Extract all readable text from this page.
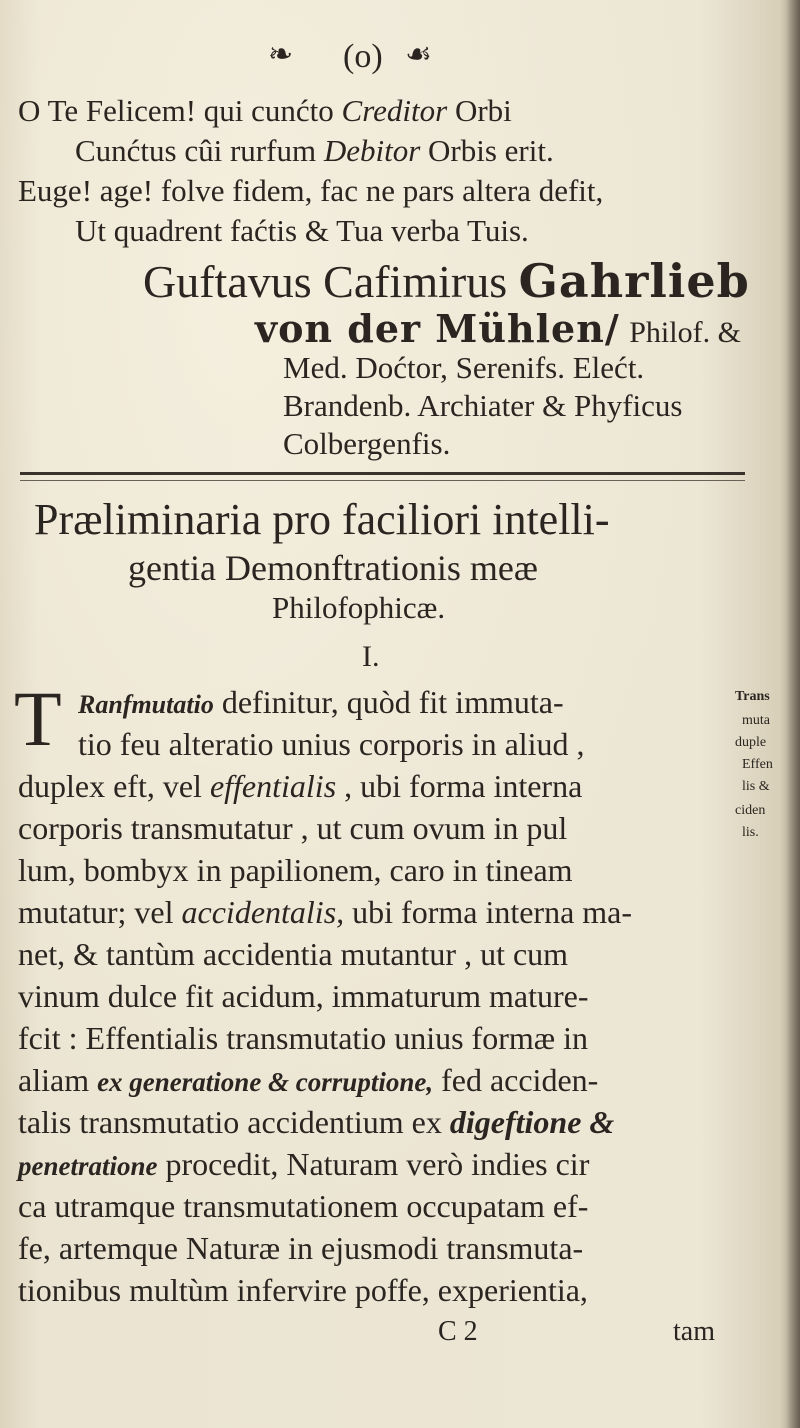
❧ (o) ☙
O Te Felicem! qui cunćto Creditor Orbi
Cunćtus cûi rurfum Debitor Orbis erit.
Euge! age! folve fidem, fac ne pars altera defit,
Ut quadrent faćtis & Tua verba Tuis.
Guftavus Cafimirus Gahrlieb
von der Mühlen/ Philof. &
Med. Doćtor, Serenifs. Elećt.
Brandenb. Archiater & Phyficus
Colbergenfis.
Præliminaria pro faciliori intelli-
gentia Demonftrationis meæ
Philofophicæ.
I.
T Ranfmutatio definitur, quòd fit immuta-
tio feu alteratio unius corporis in aliud ,
duplex eft, vel effentialis , ubi forma interna
corporis transmutatur , ut cum ovum in pul
lum, bombyx in papilionem, caro in tineam
mutatur; vel accidentalis, ubi forma interna ma-
net, & tantùm accidentia mutantur , ut cum
vinum dulce fit acidum, immaturum mature-
fcit : Effentialis transmutatio unius formæ in
aliam ex generatione & corruptione, fed acciden-
talis transmutatio accidentium ex digeftione &
penetratione procedit, Naturam verò indies cir
ca utramque transmutationem occupatam ef-
fe, artemque Naturæ in ejusmodi transmuta-
tionibus multùm infervire poffe, experientia,
C 2	tam
Trans
muta
duple
Effen
lis &
ciden
lis.
